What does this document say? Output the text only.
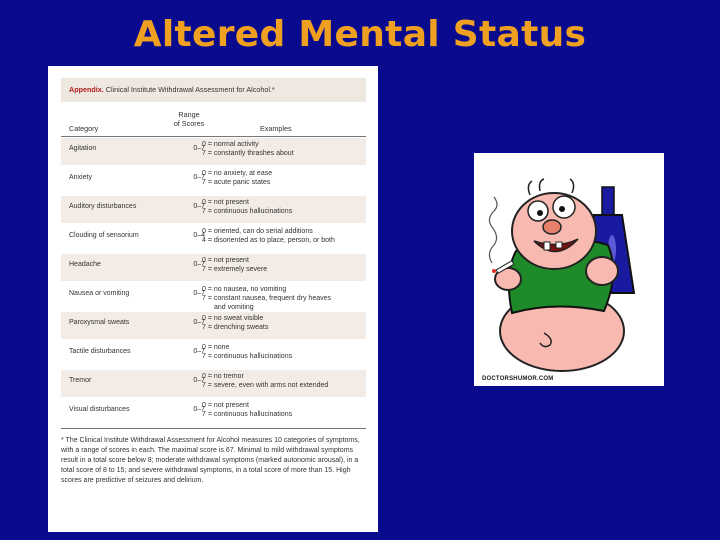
Altered Mental Status
Appendix. Clinical Institute Withdrawal Assessment for Alcohol.*
Category
Range
of Scores
Examples
Agitation	0–7
0 = normal activity
7 = constantly thrashes about
Anxiety	0–7
0 = no anxiety, at ease
7 = acute panic states
Auditory disturbances	0–7
0 = not present
7 = continuous hallucinations
Clouding of sensorium	0–4
0 = oriented, can do serial additions
4 = disoriented as to place, person, or both
Headache	0–7
0 = not present
7 = extremely severe
Nausea or vomiting	0–7
0 = no nausea, no vomiting
7 = constant nausea, frequent dry heaves
and vomiting
Paroxysmal sweats	0–7
0 = no sweat visible
7 = drenching sweats
Tactile disturbances	0–7
0 = none
7 = continuous hallucinations
Tremor	0–7
0 = no tremor
7 = severe, even with arms not extended
Visual disturbances	0–7
0 = not present
7 = continuous hallucinations
* The Clinical Institute Withdrawal Assessment for Alcohol measures 10 categories of symptoms, with a range of scores in each. The maximal score is 67. Minimal to mild withdrawal symptoms result in a total score below 8; moderate withdrawal symptoms (marked autonomic arousal), in a total score of 8 to 15; and severe withdrawal symptoms, in a total score of more than 15. High scores are predictive of seizures and delirium.
DOCTORSHUMOR.COM
